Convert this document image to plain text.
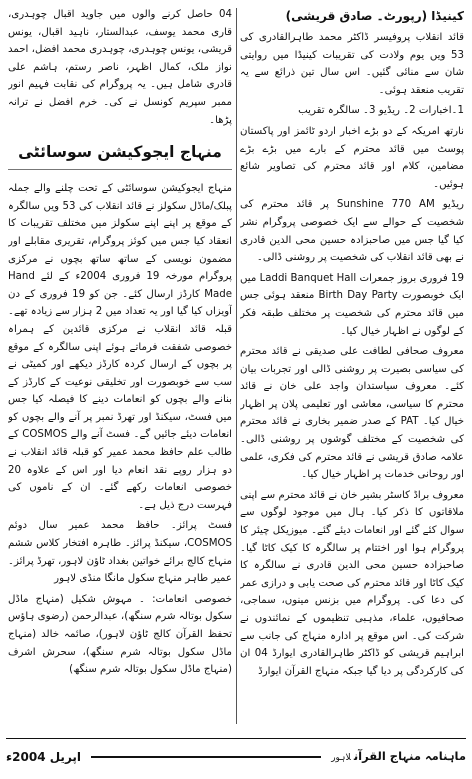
کینیڈا (رپورٹ۔ صادق قریشی)

قائد انقلاب پروفیسر ڈاکٹر محمد طاہرالقادری کی 53 ویں یوم ولادت کی تقریبات کینیڈا میں روایتی شان سے منائی گئیں۔ اس سال تین ذرائع سے یہ تقریب منعقد ہوئی۔

1۔اخبارات 2۔ ریڈیو 3۔ سالگرہ تقریب

نارتھ امریکہ کے دو بڑے اخبار اردو ٹائمز اور پاکستان پوسٹ میں قائد محترم کے بارے میں بڑے بڑے مضامین، کلام اور قائد محترم کی تصاویر شائع ہوئیں۔

ریڈیو Sunshine 770 AM پر قائد محترم کی شخصیت کے حوالے سے ایک خصوصی پروگرام نشر کیا گیا جس میں صاحبزادہ حسین محی الدین قادری نے بھی قائد انقلاب کی شخصیت پر روشنی ڈالی۔

19 فروری بروز جمعرات Laddi Banquet Hall میں ایک خوبصورت Birth Day Party منعقد ہوئی جس میں قائد محترم کی شخصیت پر مختلف طبقہ فکر کے لوگوں نے اظہار خیال کیا۔

معروف صحافی لطافت علی صدیقی نے قائد محترم کی سیاسی بصیرت پر روشنی ڈالی اور تجربات بیان کئے۔ معروف سیاستدان واجد علی خان نے قائد محترم کا سیاسی، معاشی اور تعلیمی پلان پر اظہار خیال کیا۔ PAT کے صدر ضمیر بخاری نے قائد محترم کی شخصیت کے مختلف گوشوں پر روشنی ڈالی۔ علامہ صادق قریشی نے قائد محترم کی فکری، علمی اور روحانی خدمات پر اظہار خیال کیا۔

معروف براڈ کاسٹر بشیر خان نے قائد محترم سے اپنی ملاقاتوں کا ذکر کیا۔ ہال میں موجود لوگوں سے سوال کئے گئے اور انعامات دیئے گئے۔ میوزیکل چیئر کا پروگرام ہوا اور اختتام پر سالگرہ کا کیک کاٹا گیا۔ صاحبزادہ حسین محی الدین قادری نے سالگرہ کا کیک کاٹا اور قائد محترم کی صحت یابی و درازی عمر کی دعا کی۔ پروگرام میں بزنس مینوں، سماجی، صحافیوں، علماء، مذہبی تنظیموں کے نمائندوں نے شرکت کی۔ اس موقع پر ادارہ منہاج کی جانب سے ابراہیم قریشی کو ڈاکٹر طاہرالقادری ایوارڈ 04 ان کی کارکردگی پر دیا گیا جبکہ منہاج القرآن ایوارڈ

04 حاصل کرنے والوں میں جاوید اقبال چوہدری، قاری محمد یوسف، عبدالستار، ناہید اقبال، یونس قریشی، یونس چوہدری، چوہدری محمد افضل، احمد نواز ملک، کمال اظہر، ناصر رستم، ہاشم علی قادری شامل ہیں۔ یہ پروگرام کی نقابت فہیم انور ممبر سپریم کونسل نے کی۔ خرم افضل نے ترانہ پڑھا۔

منہاج ایجوکیشن سوسائٹی

منہاج ایجوکیشن سوسائٹی کے تحت چلنے والے جملہ پبلک/ماڈل سکولز نے قائد انقلاب کی 53 ویں سالگرہ کے موقع پر اپنے اپنے سکولز میں مختلف تقریبات کا انعقاد کیا جس میں کوئز پروگرام، تقریری مقابلے اور مضمون نویسی کے ساتھ ساتھ بچوں نے مرکزی پروگرام مورخہ 19 فروری 2004ء کے لئے Hand Made کارڈز ارسال کئے۔ جن کو 19 فروری کے دن آویزاں کیا گیا اور یہ تعداد میں 2 ہزار سے زیادہ تھے۔ قبلہ قائد انقلاب نے مرکزی قائدین کے ہمراہ خصوصی شفقت فرماتے ہوئے اپنی سالگرہ کے موقع پر بچوں کے ارسال کردہ کارڈز دیکھے اور کمیٹی نے سب سے خوبصورت اور تخلیقی نوعیت کے کارڈز کے بنانے والے بچوں کو انعامات دینے کا فیصلہ کیا جس میں فسٹ، سیکنڈ اور تھرڈ نمبر پر آنے والے بچوں کو انعامات دیئے جائیں گے۔ فسٹ آنے والے COSMOS کے طالب علم حافظ محمد عمیر کو قبلہ قائد انقلاب نے دو ہزار روپے نقد انعام دیا اور اس کے علاوہ 20 خصوصی انعامات رکھے گئے۔ ان کے ناموں کی فہرست درج ذیل ہے۔

فسٹ پرائز۔ حافظ محمد عمیر سال دوئم COSMOS، سیکنڈ پرائز۔ طاہرہ افتخار کلاس ششم منہاج کالج برائے خواتین بغداد ٹاؤن لاہور، تھرڈ پرائز۔ عمیر طاہر منہاج سکول مانگا منڈی لاہور

خصوصی انعامات: ۔ مہوش شکیل (منہاج ماڈل سکول بوتالہ شرم سنگھ)، عبدالرحمن (رضوی ہاؤس تحفظ القرآن کالج ٹاؤن لاہور)، صائمہ خالد (منہاج ماڈل سکول بوتالہ شرم سنگھ)، سحرش اشرف (منہاج ماڈل سکول بوتالہ شرم سنگھ)

ماہنامہ منہاج القرآنلاہور
اپریل 2004ء
